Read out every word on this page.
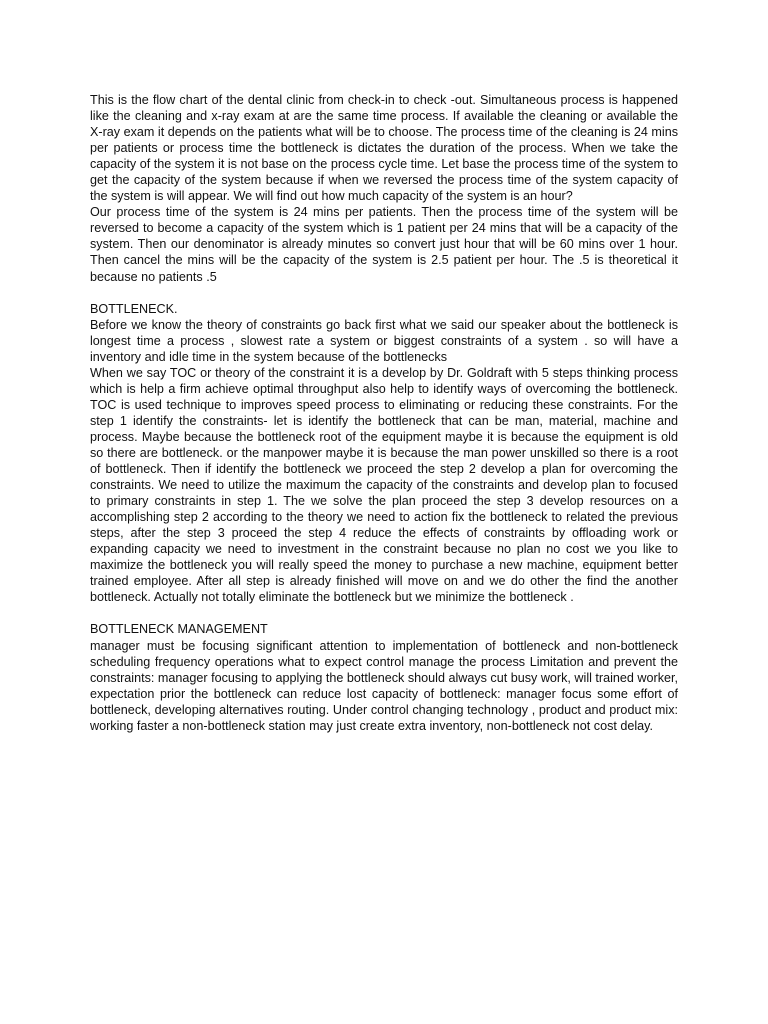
This is the flow chart of the dental clinic from check-in to check -out. Simultaneous process is happened like the cleaning and x-ray exam at are the same time process. If available the cleaning or available the X-ray exam it depends on the patients what will be to choose. The process time of the cleaning is 24 mins per patients or process time the bottleneck is dictates the duration of the process. When we take the capacity of the system it is not base on the process cycle time. Let base the process time of the system to get the capacity of the system because if when we reversed the process time of the system capacity of the system is will appear. We will find out how much capacity of the system is an hour?

Our process time of the system is 24 mins per patients. Then the process time of the system will be reversed to become a capacity of the system which is 1 patient per 24 mins that will be a capacity of the system. Then our denominator is already minutes so convert just hour that will be 60 mins over 1 hour. Then cancel the mins will be the capacity of the system is 2.5 patient per hour. The .5 is theoretical it because no patients .5

BOTTLENECK.

Before we know the theory of constraints go back first what we said our speaker about the bottleneck is longest time a process , slowest rate a system or biggest constraints of a system . so will have a inventory and idle time in the system because of the bottlenecks

When we say TOC or theory of the constraint it is a develop by Dr. Goldraft with 5 steps thinking process which is help a firm achieve optimal throughput also help to identify ways of overcoming the bottleneck. TOC is used technique to improves speed process to eliminating or reducing these constraints. For the step 1 identify the constraints- let is identify the bottleneck that can be man, material, machine and process. Maybe because the bottleneck root of the equipment maybe it is because the equipment is old so there are bottleneck. or the manpower maybe it is because the man power unskilled so there is a root of bottleneck. Then if identify the bottleneck we proceed the step 2 develop a plan for overcoming the constraints. We need to utilize the maximum the capacity of the constraints and develop plan to focused to primary constraints in step 1. The we solve the plan proceed the step 3 develop resources on a accomplishing step 2 according to the theory we need to action fix the bottleneck to related the previous steps, after the step 3 proceed the step 4 reduce the effects of constraints by offloading work or expanding capacity we need to investment in the constraint because no plan no cost we you like to maximize the bottleneck you will really speed the money to purchase a new machine, equipment better trained employee. After all step is already finished will move on and we do other the find the another bottleneck. Actually not totally eliminate the bottleneck but we minimize the bottleneck .

BOTTLENECK MANAGEMENT

manager must be focusing significant attention to implementation of bottleneck and non-bottleneck scheduling frequency operations what to expect control manage the process Limitation and prevent the constraints: manager focusing to applying the bottleneck should always cut busy work, will trained worker, expectation prior the bottleneck can reduce lost capacity of bottleneck: manager focus some effort of bottleneck, developing alternatives routing. Under control changing technology , product and product mix: working faster a non-bottleneck station may just create extra inventory, non-bottleneck not cost delay.
